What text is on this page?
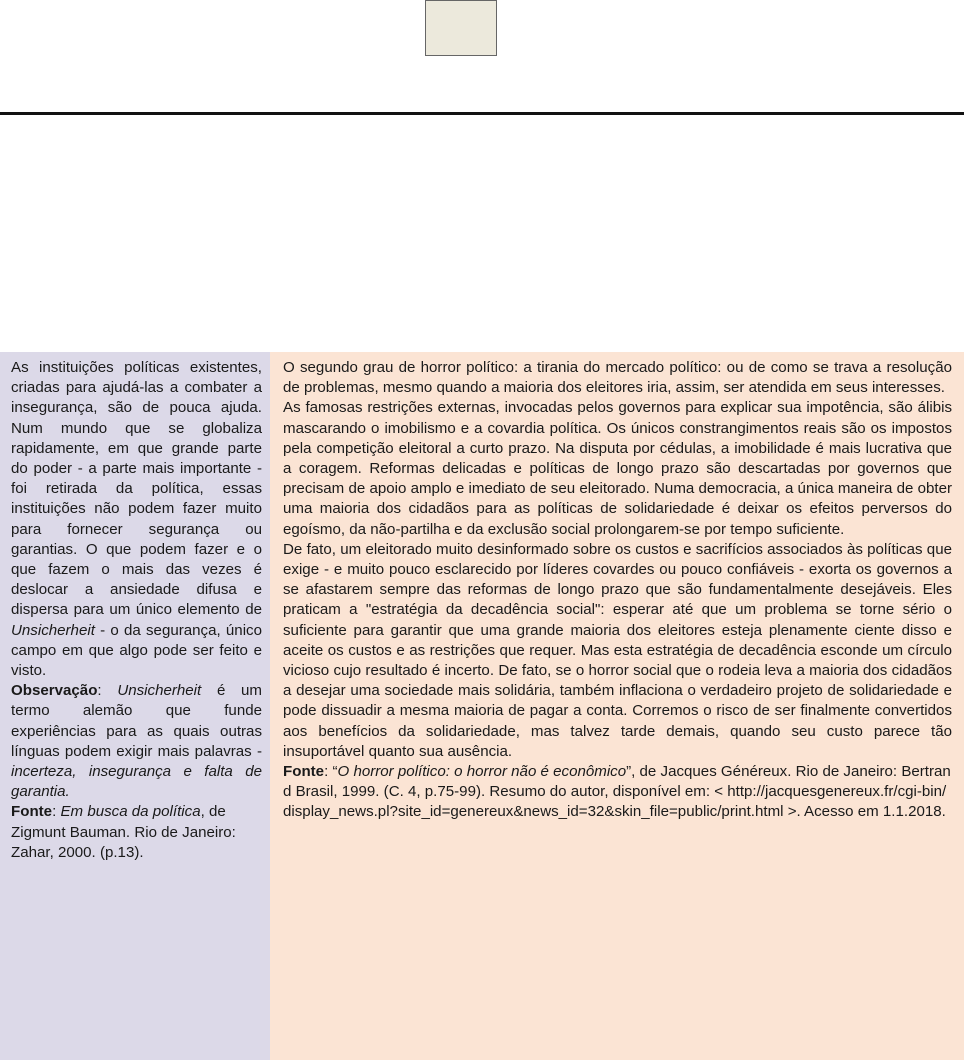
As instituições políticas existentes, criadas para ajudá-las a combater a insegurança, são de pouca ajuda. Num mundo que se globaliza rapidamente, em que grande parte do poder - a parte mais importante - foi retirada da política, essas instituições não podem fazer muito para fornecer segurança ou garantias. O que podem fazer e o que fazem o mais das vezes é deslocar a ansiedade difusa e dispersa para um único elemento de Unsicherheit - o da segurança, único campo em que algo pode ser feito e visto.

Observação: Unsicherheit é um termo alemão que funde experiências para as quais outras línguas podem exigir mais palavras - incerteza, insegurança e falta de garantia.

Fonte: Em busca da política, de Zigmunt Bauman. Rio de Janeiro: Zahar, 2000. (p.13).

O segundo grau de horror político: a tirania do mercado político: ou de como se trava a resolução de problemas, mesmo quando a maioria dos eleitores iria, assim, ser atendida em seus interesses.

As famosas restrições externas, invocadas pelos governos para explicar sua impotência, são álibis mascarando o imobilismo e a covardia política. Os únicos constrangimentos reais são os impostos pela competição eleitoral a curto prazo. Na disputa por cédulas, a imobilidade é mais lucrativa que a coragem. Reformas delicadas e políticas de longo prazo são descartadas por governos que precisam de apoio amplo e imediato de seu eleitorado. Numa democracia, a única maneira de obter uma maioria dos cidadãos para as políticas de solidariedade é deixar os efeitos perversos do egoísmo, da não-partilha e da exclusão social prolongarem-se por tempo suficiente.

De fato, um eleitorado muito desinformado sobre os custos e sacrifícios associados às políticas que exige - e muito pouco esclarecido por líderes covardes ou pouco confiáveis - exorta os governos a se afastarem sempre das reformas de longo prazo que são fundamentalmente desejáveis. Eles praticam a "estratégia da decadência social": esperar até que um problema se torne sério o suficiente para garantir que uma grande maioria dos eleitores esteja plenamente ciente disso e aceite os custos e as restrições que requer. Mas esta estratégia de decadência esconde um círculo vicioso cujo resultado é incerto. De fato, se o horror social que o rodeia leva a maioria dos cidadãos a desejar uma sociedade mais solidária, também inflaciona o verdadeiro projeto de solidariedade e pode dissuadir a mesma maioria de pagar a conta. Corremos o risco de ser finalmente convertidos aos benefícios da solidariedade, mas talvez tarde demais, quando seu custo parece tão insuportável quanto sua ausência.

Fonte: “O horror político: o horror não é econômico”, de Jacques Généreux. Rio de Janeiro: Bertrand Brasil, 1999. (C. 4, p.75-99). Resumo do autor, disponível em: < http://jacquesgenereux.fr/cgi-bin/display_news.pl?site_id=genereux&news_id=32&skin_file=public/print.html >. Acesso em 1.1.2018.
